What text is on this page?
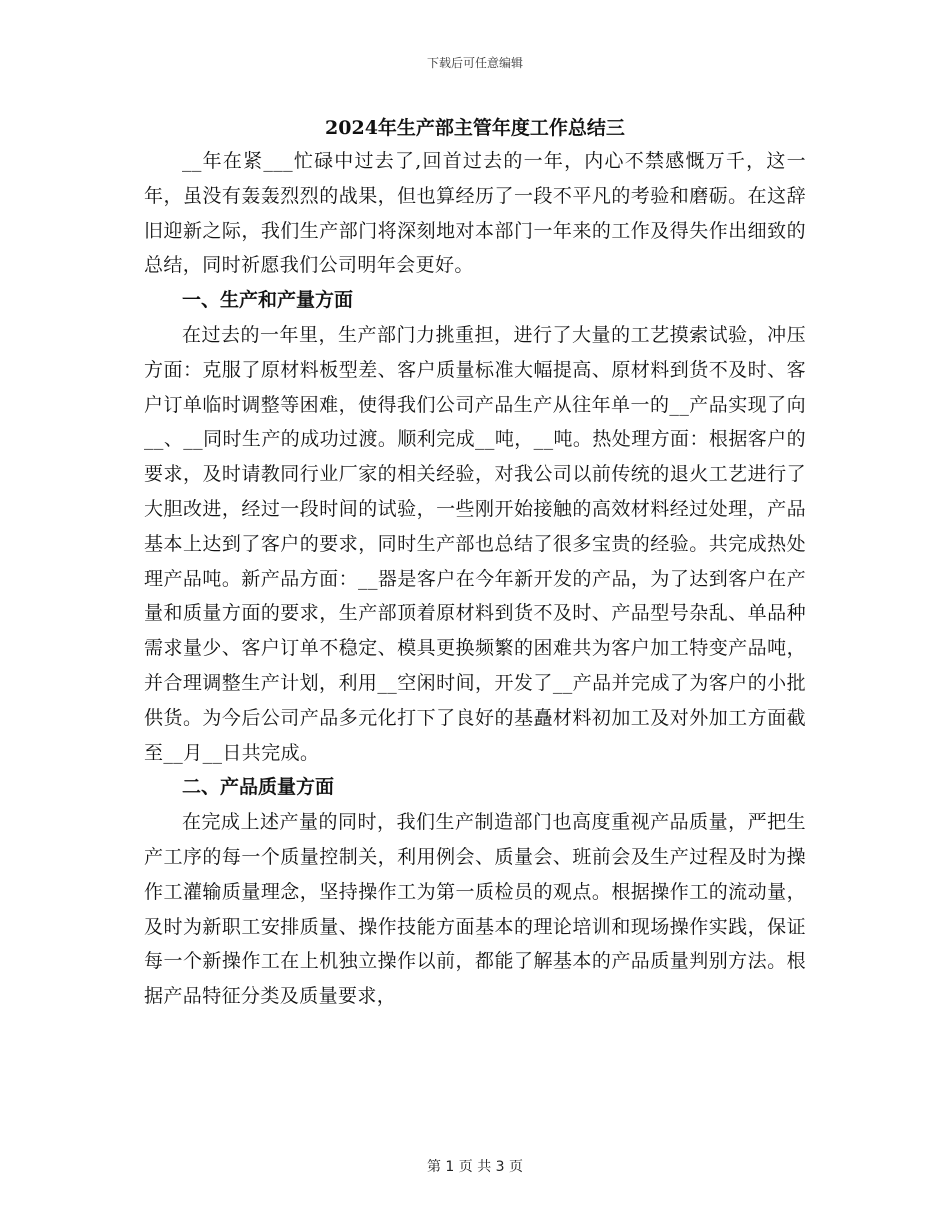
下载后可任意编辑
2024年生产部主管年度工作总结三

__年在紧___忙碌中过去了,回首过去的一年，内心不禁感慨万千，这一年，虽没有轰轰烈烈的战果，但也算经历了一段不平凡的考验和磨砺。在这辞旧迎新之际，我们生产部门将深刻地对本部门一年来的工作及得失作出细致的总结，同时祈愿我们公司明年会更好。

一、生产和产量方面

在过去的一年里，生产部门力挑重担，进行了大量的工艺摸索试验，冲压方面：克服了原材料板型差、客户质量标准大幅提高、原材料到货不及时、客户订单临时调整等困难，使得我们公司产品生产从往年单一的__产品实现了向__、__同时生产的成功过渡。顺利完成__吨，__吨。热处理方面：根据客户的要求，及时请教同行业厂家的相关经验，对我公司以前传统的退火工艺进行了大胆改进，经过一段时间的试验，一些刚开始接触的高效材料经过处理，产品基本上达到了客户的要求，同时生产部也总结了很多宝贵的经验。共完成热处理产品吨。新产品方面：__器是客户在今年新开发的产品，为了达到客户在产量和质量方面的要求，生产部顶着原材料到货不及时、产品型号杂乱、单品种需求量少、客户订单不稳定、模具更换频繁的困难共为客户加工特变产品吨，并合理调整生产计划，利用__空闲时间，开发了__产品并完成了为客户的小批供货。为今后公司产品多元化打下了良好的基矗材料初加工及对外加工方面截至__月__日共完成。

二、产品质量方面

在完成上述产量的同时，我们生产制造部门也高度重视产品质量，严把生产工序的每一个质量控制关，利用例会、质量会、班前会及生产过程及时为操作工灌输质量理念，坚持操作工为第一质检员的观点。根据操作工的流动量，及时为新职工安排质量、操作技能方面基本的理论培训和现场操作实践，保证每一个新操作工在上机独立操作以前，都能了解基本的产品质量判别方法。根据产品特征分类及质量要求，

第 1 页 共 3 页
